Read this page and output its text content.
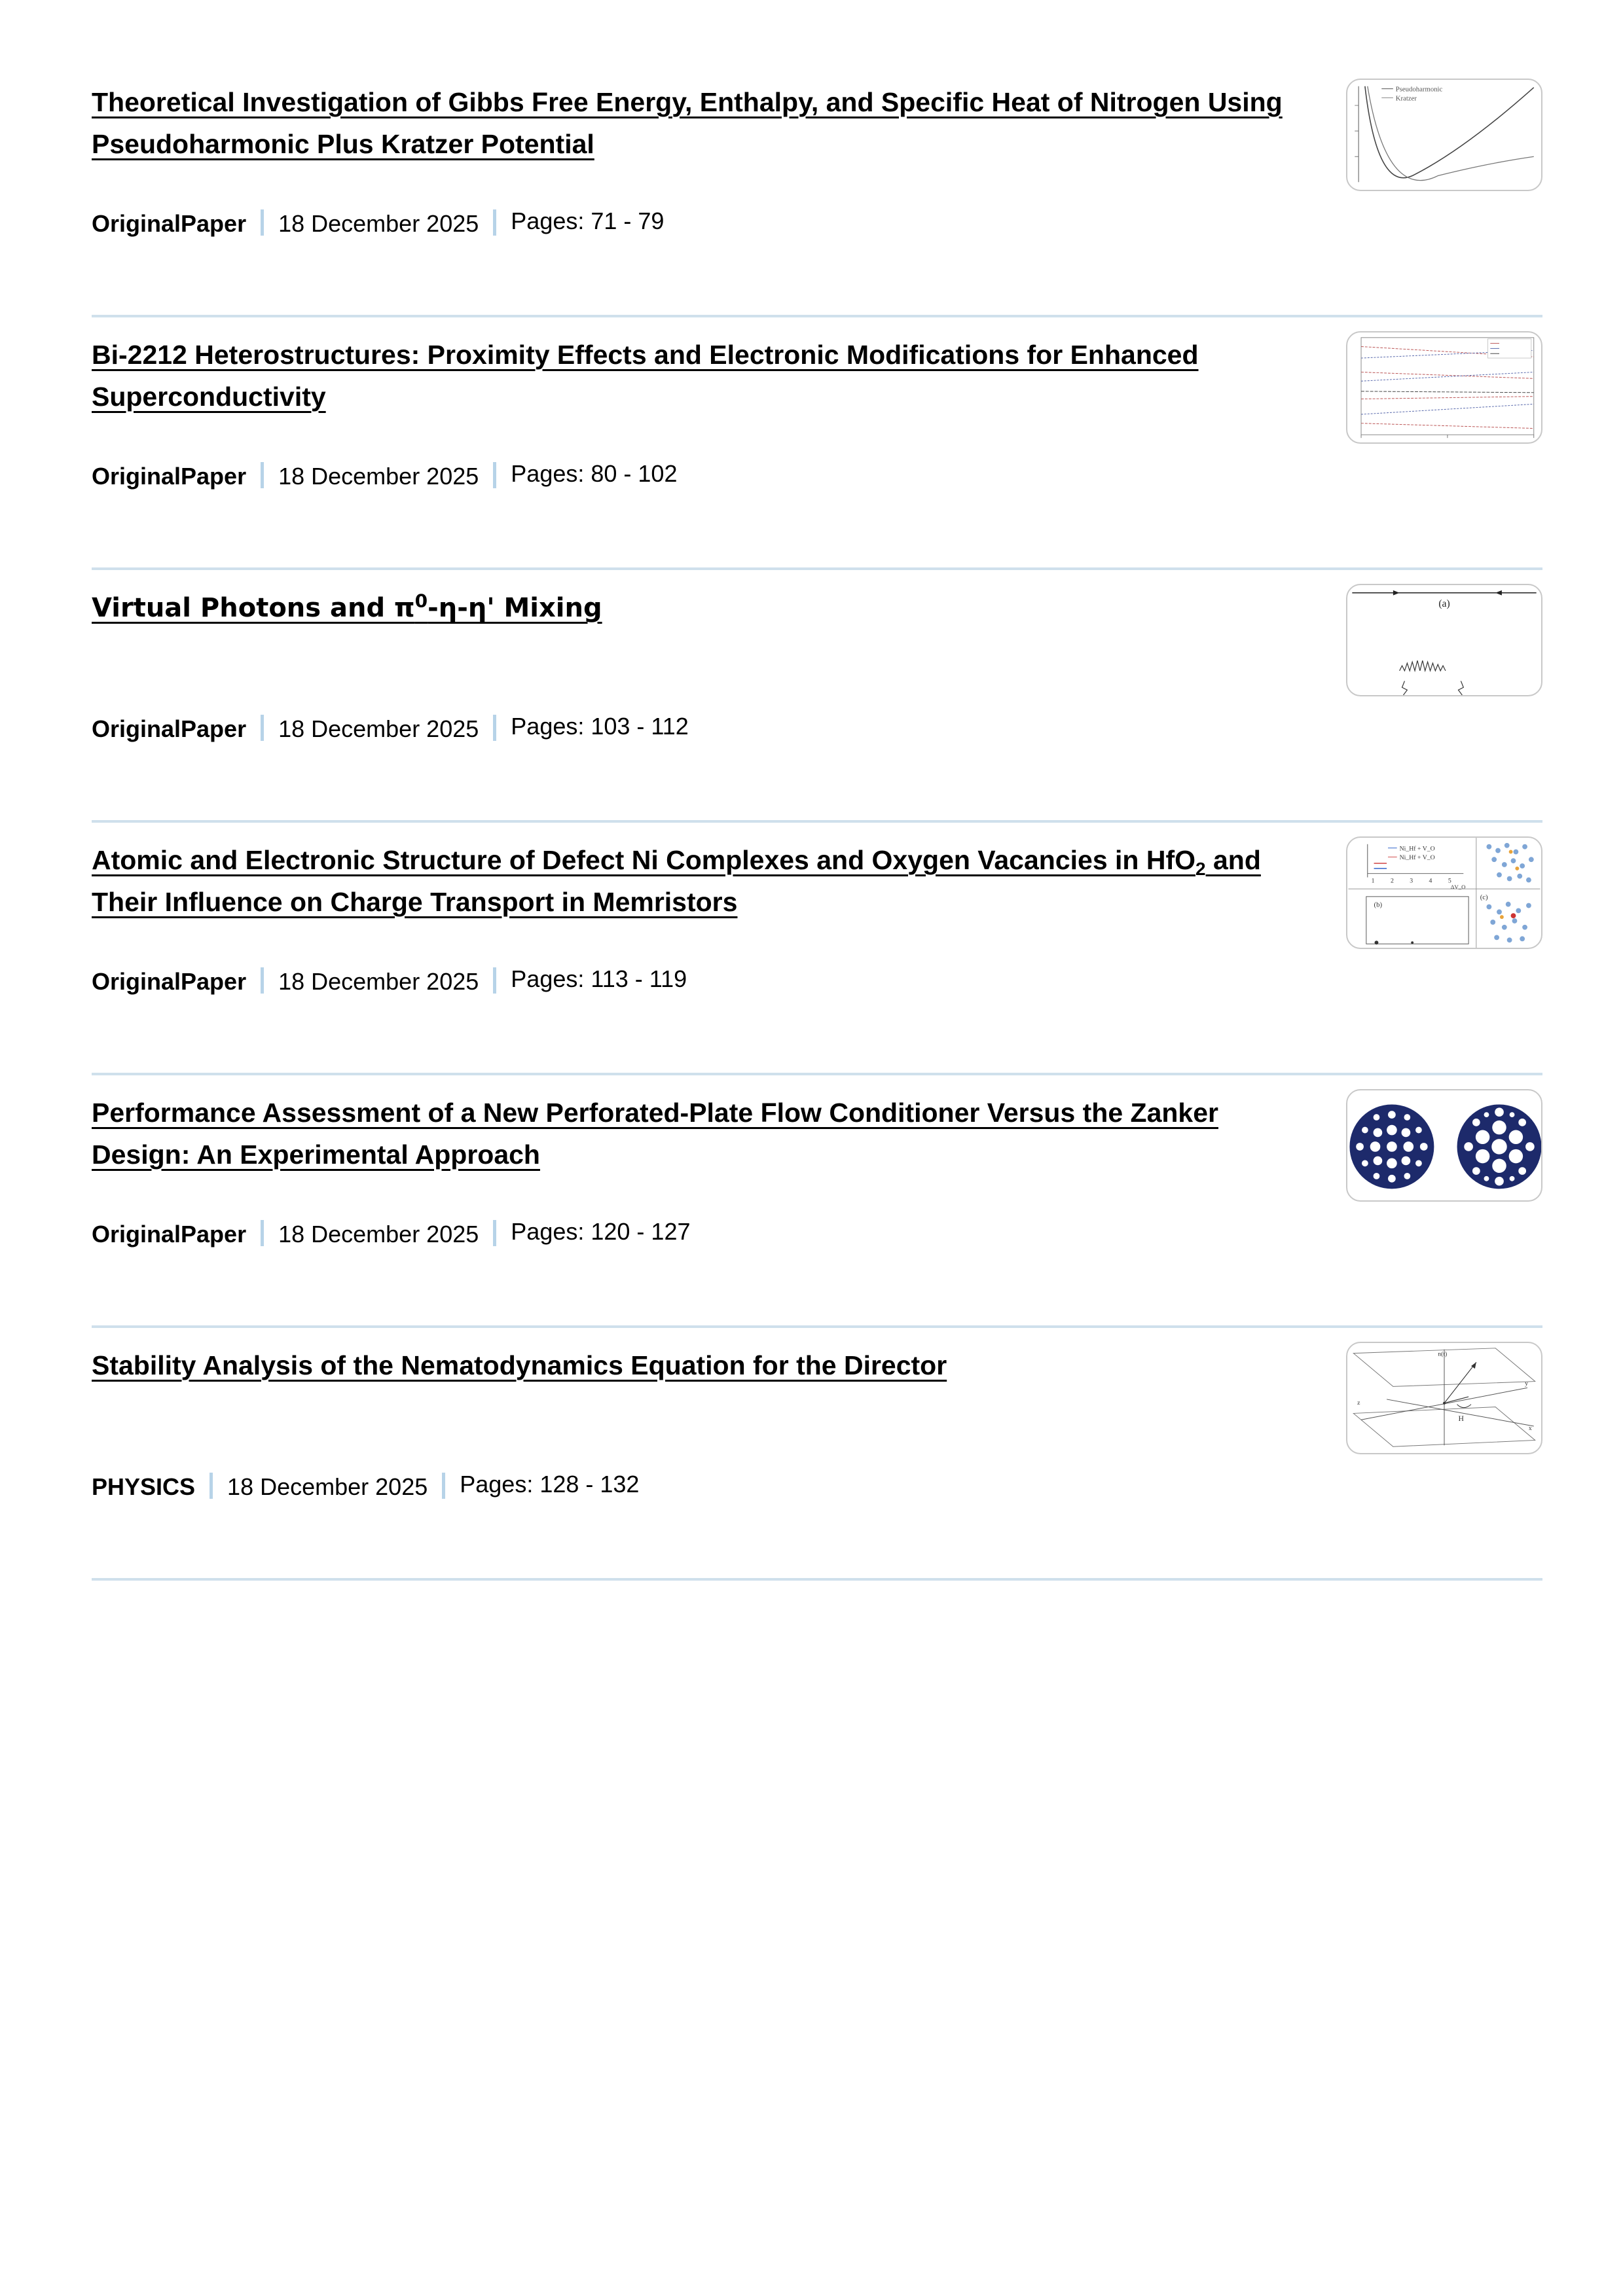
Theoretical Investigation of Gibbs Free Energy, Enthalpy, and Specific Heat of Nitrogen Using Pseudoharmonic Plus Kratzer Potential
OriginalPaper 18 December 2025 Pages: 71 - 79
Pseudoharmonic
Kratzer
Bi-2212 Heterostructures: Proximity Effects and Electronic Modifications for Enhanced Superconductivity
OriginalPaper 18 December 2025 Pages: 80 - 102
Virtual Photons and π$^0$-η-η' Mixing
OriginalPaper 18 December 2025 Pages: 103 - 112
(a)
Atomic and Electronic Structure of Defect Ni Complexes and Oxygen Vacancies in HfO$_2$ and Their Influence on Charge Transport in Memristors
OriginalPaper 18 December 2025 Pages: 113 - 119
Ni_Hf + V_O
Ni_Hf + V_O
1 2 3 4 5
ΔV_O
(b)
(c)
Performance Assessment of a New Perforated-Plate Flow Conditioner Versus the Zanker Design: An Experimental Approach
OriginalPaper 18 December 2025 Pages: 120 - 127
Stability Analysis of the Nematodynamics Equation for the Director
PHYSICS 18 December 2025 Pages: 128 - 132
n(t)
H
y
x
z
